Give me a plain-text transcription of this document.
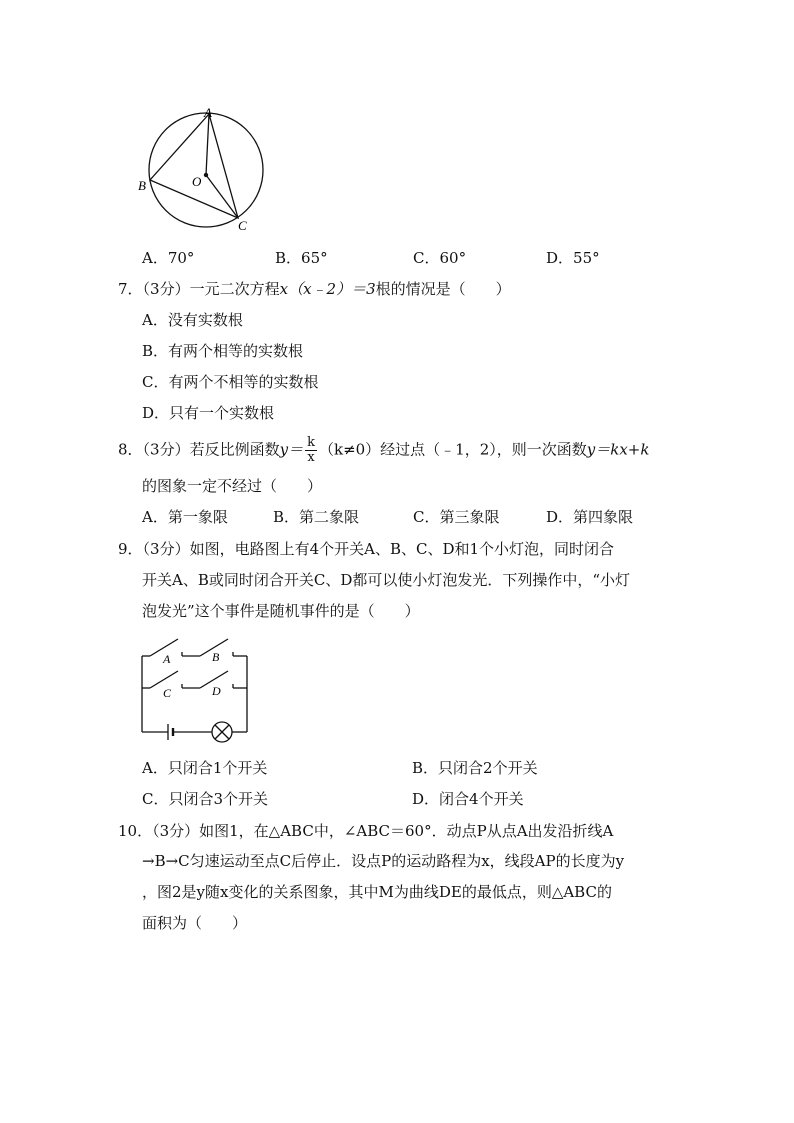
A
B
C
O
A．70°	B．65°	C．60°	D．55°
7．（3分）一元二次方程x（x﹣2）＝3根的情况是（　　）
A．没有实数根
B．有两个相等的实数根
C．有两个不相等的实数根
D．只有一个实数根
8．（3分）若反比例函数$y= \frac{k}{x} (k\ne 0)$经过点（﹣1，2），则一次函数y＝kx+k
的图象一定不经过（　　）
A．第一象限	B．第二象限	C．第三象限	D．第四象限
9．（3分）如图，电路图上有4个开关A、B、C、D和1个小灯泡，同时闭合
开关A、B或同时闭合开关C、D都可以使小灯泡发光．下列操作中，“小灯
泡发光”这个事件是随机事件的是（　　）
A	B
C	D
A．只闭合1个开关	B．只闭合2个开关
C．只闭合3个开关	D．闭合4个开关
10．（3分）如图1，在△ABC中，∠ABC＝60°．动点P从点A出发沿折线A
→B→C匀速运动至点C后停止．设点P的运动路程为x，线段AP的长度为y
，图2是y随x变化的关系图象，其中M为曲线DE的最低点，则△ABC的
面积为（　　）
